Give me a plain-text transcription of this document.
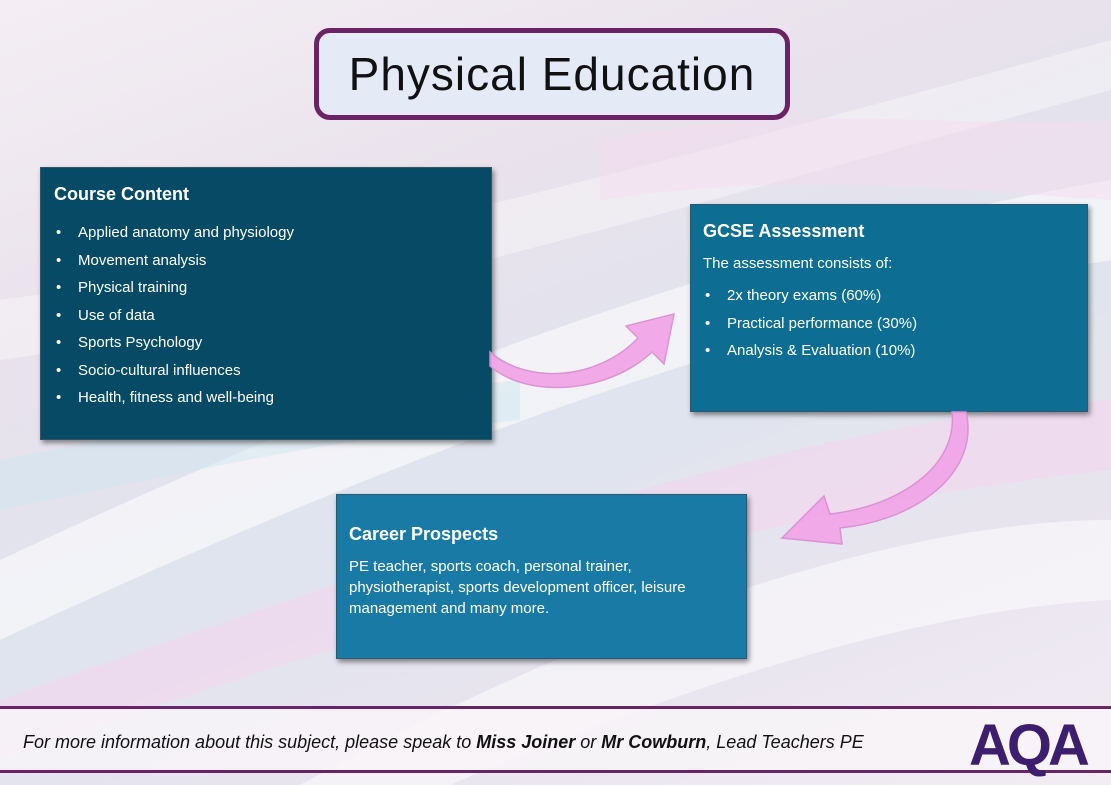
Physical Education
Course Content
• Applied anatomy and physiology
• Movement analysis
• Physical training
• Use of data
• Sports Psychology
• Socio-cultural influences
• Health, fitness and well-being
GCSE Assessment
The assessment consists of:
• 2x theory exams (60%)
• Practical performance (30%)
• Analysis & Evaluation (10%)
Career Prospects

PE teacher, sports coach, personal trainer, physiotherapist, sports development officer, leisure management and many more.

For more information about this subject, please speak to Miss Joiner or Mr Cowburn, Lead Teachers PE AQA
